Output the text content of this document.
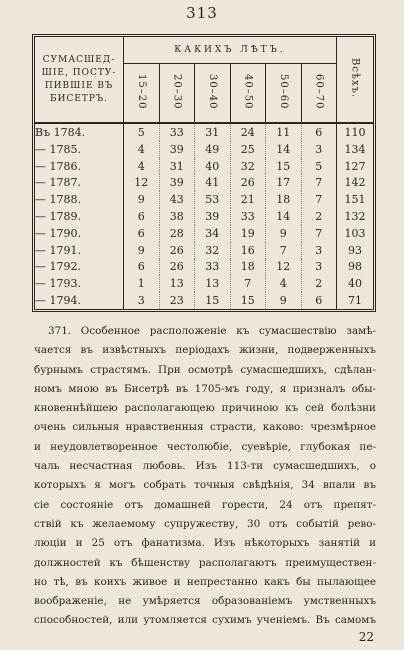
313
СУМАСШЕД-
ШІЕ, ПОСТУ-
ПИВШІЕ ВЪ
БИСЕТРЪ.	КАКИХЪ ЛѢТЪ.						Всѣхъ.
	15–20	20–30	30–40	40–50	50–60	60–70	
Въ 1784.	5	33	31	24	11	6	110
— 1785.	4	39	49	25	14	3	134
— 1786.	4	31	40	32	15	5	127
— 1787.	12	39	41	26	17	7	142
— 1788.	9	43	53	21	18	7	151
— 1789.	6	38	39	33	14	2	132
— 1790.	6	28	34	19	9	7	103
— 1791.	9	26	32	16	7	3	93
— 1792.	6	26	33	18	12	3	98
— 1793.	1	13	13	7	4	2	40
— 1794.	3	23	15	15	9	6	71
371. Особенное расположеніе къ сумасшествію замѣ-
чается въ извѣстныхъ періодахъ жизни, подверженныхъ
бурнымъ страстямъ. При осмотрѣ сумасшедшихъ, сдѣлан-
номъ мною въ Бисетрѣ въ 1705-мъ году, я призналъ обы-
кновеннѣйшею располагающею причиною къ сей болѣзни
очень сильныя нравственныя страсти, каково: чрезмѣрное
и неудовлетворенное честолюбіе, суевѣріе, глубокая пе-
чаль несчастная любовь. Изъ 113-ти сумасшедшихъ, о
которыхъ я могъ собрать точныя свѣдѣнія, 34 впали въ
сіе состояніе отъ домашней горести, 24 отъ препят-
ствій къ желаемому супружеству, 30 отъ событій рево-
люціи и 25 отъ фанатизма. Изъ нѣкоторыхъ занятій и
должностей къ бѣшенству располагаютъ преимуществен-
но тѣ, въ коихъ живое и непрестанно какъ бы пылающее
воображеніе, не умѣряется образованіемъ умственныхъ
способностей, или утомляется сухимъ ученіемъ. Въ самомъ
22
